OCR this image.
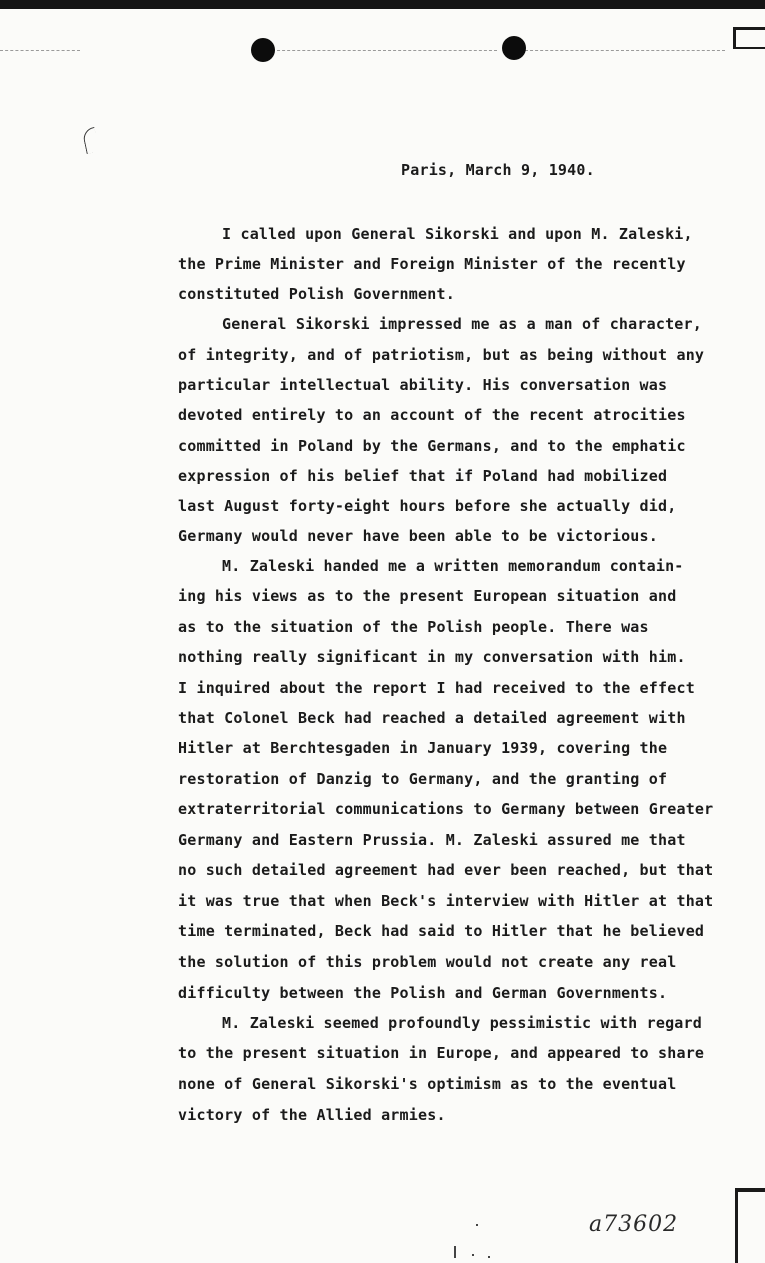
Paris, March 9, 1940.
I called upon General Sikorski and upon M. Zaleski,
the Prime Minister and Foreign Minister of the recently
constituted Polish Government.
General Sikorski impressed me as a man of character,
of integrity, and of patriotism, but as being without any
particular intellectual ability. His conversation was
devoted entirely to an account of the recent atrocities
committed in Poland by the Germans, and to the emphatic
expression of his belief that if Poland had mobilized
last August forty-eight hours before she actually did,
Germany would never have been able to be victorious.
M. Zaleski handed me a written memorandum contain-
ing his views as to the present European situation and
as to the situation of the Polish people. There was
nothing really significant in my conversation with him.
I inquired about the report I had received to the effect
that Colonel Beck had reached a detailed agreement with
Hitler at Berchtesgaden in January 1939, covering the
restoration of Danzig to Germany, and the granting of
extraterritorial communications to Germany between Greater
Germany and Eastern Prussia. M. Zaleski assured me that
no such detailed agreement had ever been reached, but that
it was true that when Beck's interview with Hitler at that
time terminated, Beck had said to Hitler that he believed
the solution of this problem would not create any real
difficulty between the Polish and German Governments.
M. Zaleski seemed profoundly pessimistic with regard
to the present situation in Europe, and appeared to share
none of General Sikorski's optimism as to the eventual
victory of the Allied armies.
a73602
